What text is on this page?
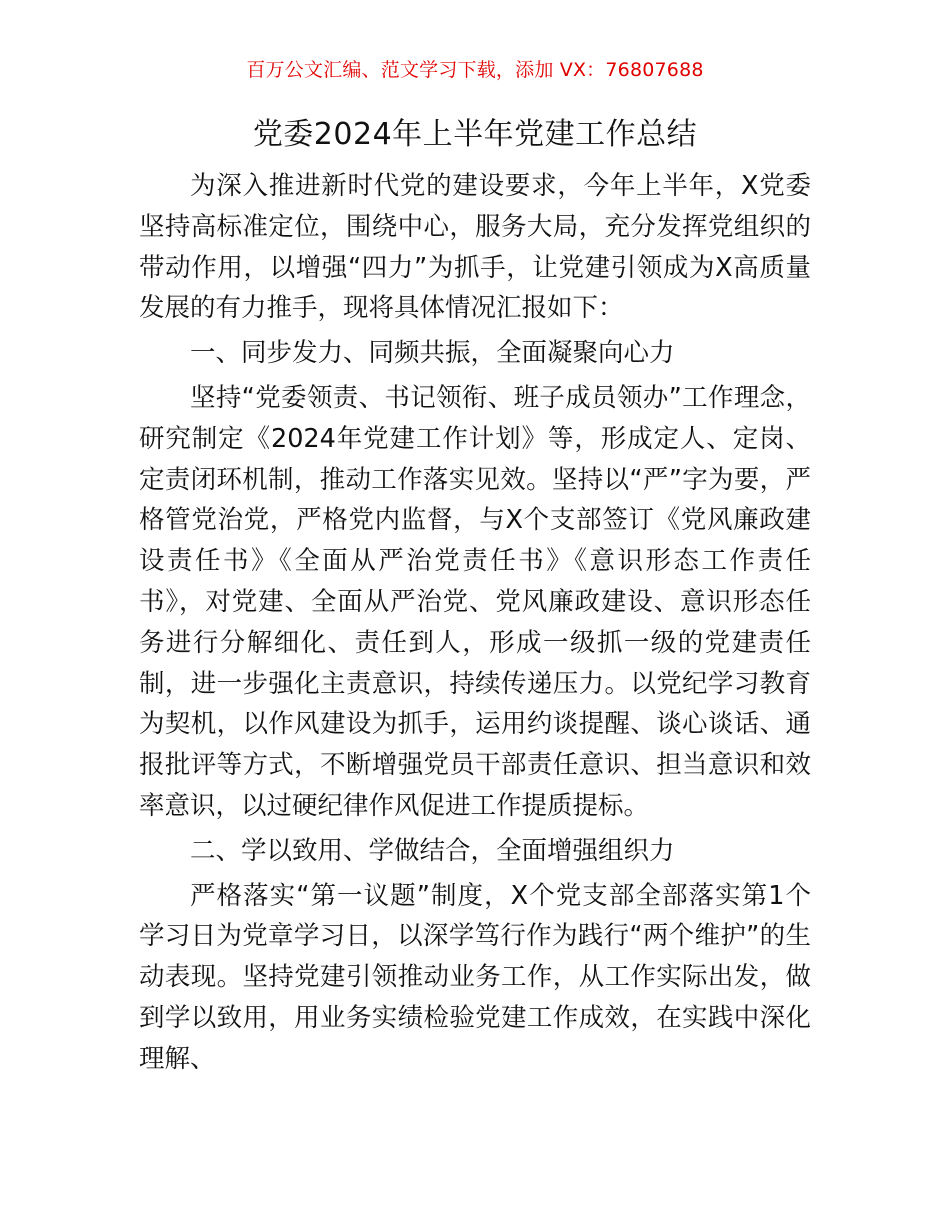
百万公文汇编、范文学习下载，添加 VX：76807688
党委2024年上半年党建工作总结

为深入推进新时代党的建设要求，今年上半年，X党委坚持高标准定位，围绕中心，服务大局，充分发挥党组织的带动作用，以增强“四力”为抓手，让党建引领成为X高质量发展的有力推手，现将具体情况汇报如下：

一、同步发力、同频共振，全面凝聚向心力

坚持“党委领责、书记领衔、班子成员领办”工作理念，研究制定《2024年党建工作计划》等，形成定人、定岗、定责闭环机制，推动工作落实见效。坚持以“严”字为要，严格管党治党，严格党内监督，与X个支部签订《党风廉政建设责任书》《全面从严治党责任书》《意识形态工作责任书》，对党建、全面从严治党、党风廉政建设、意识形态任务进行分解细化、责任到人，形成一级抓一级的党建责任制，进一步强化主责意识，持续传递压力。以党纪学习教育为契机，以作风建设为抓手，运用约谈提醒、谈心谈话、通报批评等方式，不断增强党员干部责任意识、担当意识和效率意识，以过硬纪律作风促进工作提质提标。

二、学以致用、学做结合，全面增强组织力

严格落实“第一议题”制度，X个党支部全部落实第1个学习日为党章学习日，以深学笃行作为践行“两个维护”的生动表现。坚持党建引领推动业务工作，从工作实际出发，做到学以致用，用业务实绩检验党建工作成效，在实践中深化理解、
